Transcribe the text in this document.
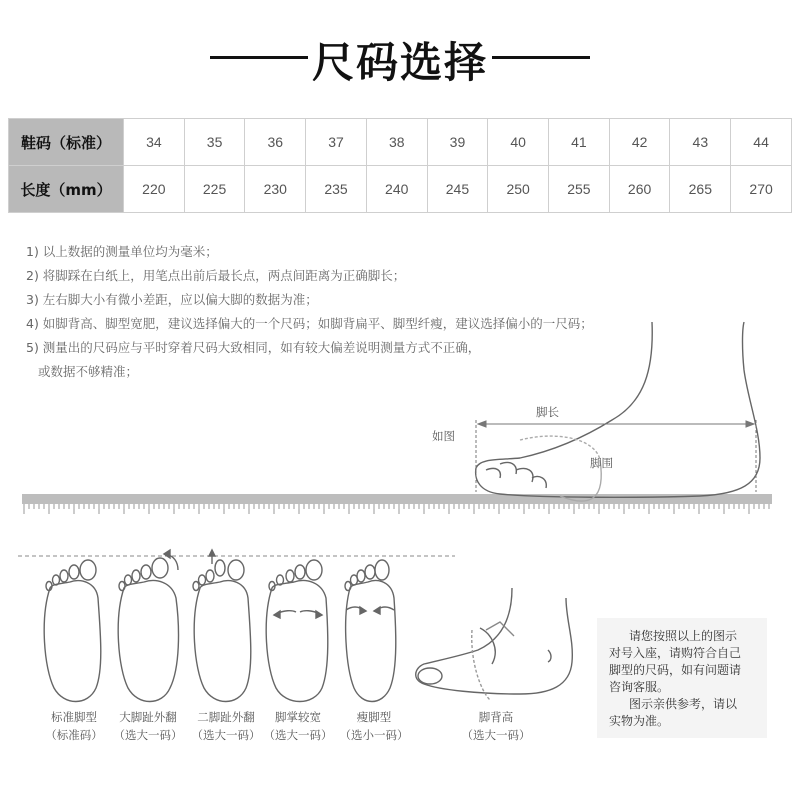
尺码选择
鞋码（标准）	34	35	36	37	38	39	40	41	42	43	44
长度（mm）	220	225	230	235	240	245	250	255	260	265	270
1) 以上数据的测量单位均为毫米；
2) 将脚踩在白纸上，用笔点出前后最长点，两点间距离为正确脚长；
3) 左右脚大小有微小差距，应以偏大脚的数据为准；
4) 如脚背高、脚型宽肥，建议选择偏大的一个尺码；如脚背扁平、脚型纤瘦，建议选择偏小的一尺码；
5) 测量出的尺码应与平时穿着尺码大致相同，如有较大偏差说明测量方式不正确，
或数据不够精准；
如图
脚长
脚围
标准脚型
（标准码）
大脚趾外翻
（选大一码）
二脚趾外翻
（选大一码）
脚掌较宽
（选大一码）
瘦脚型
（选小一码）
脚背高
（选大一码）
请您按照以上的图示
对号入座，请购符合自己
脚型的尺码，如有问题请
咨询客服。
图示亲供参考，请以
实物为准。
